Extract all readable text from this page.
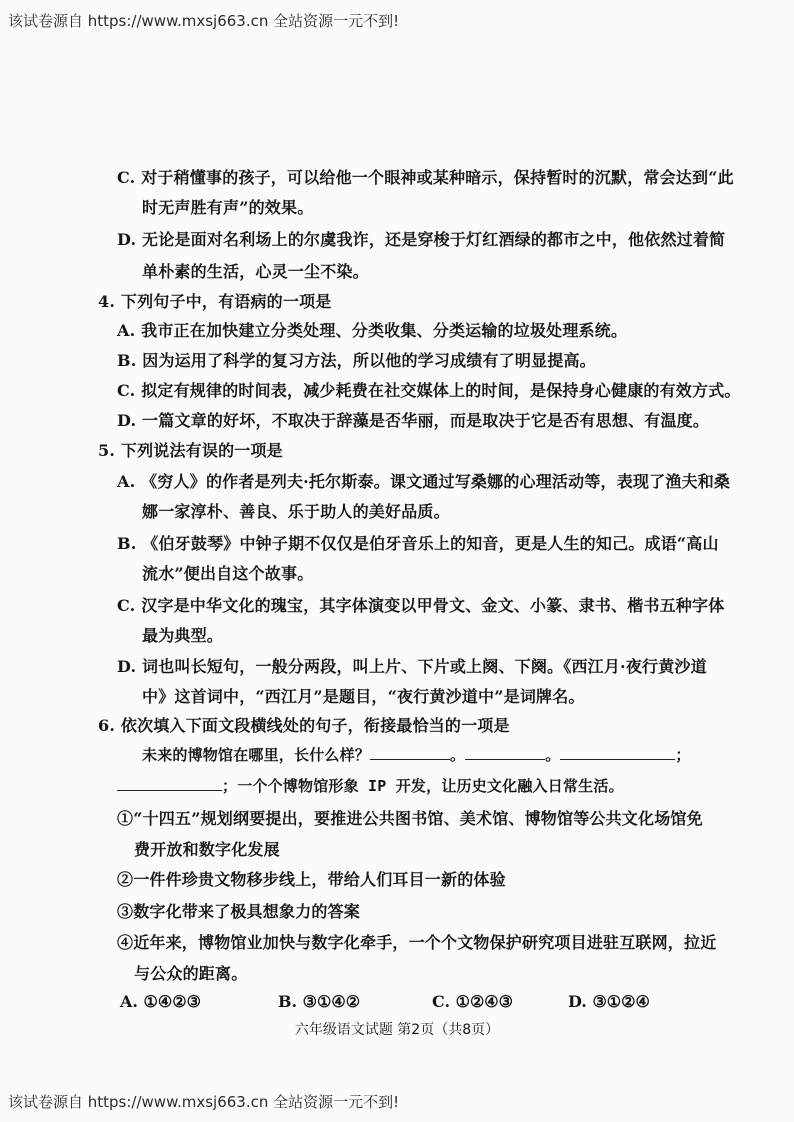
该试卷源自 https://www.mxsj663.cn 全站资源一元不到!
C. 对于稍懂事的孩子，可以给他一个眼神或某种暗示，保持暂时的沉默，常会达到“此
时无声胜有声”的效果。
D. 无论是面对名利场上的尔虞我诈，还是穿梭于灯红酒绿的都市之中，他依然过着简
单朴素的生活，心灵一尘不染。
4. 下列句子中，有语病的一项是
A. 我市正在加快建立分类处理、分类收集、分类运输的垃圾处理系统。
B. 因为运用了科学的复习方法，所以他的学习成绩有了明显提高。
C. 拟定有规律的时间表，减少耗费在社交媒体上的时间，是保持身心健康的有效方式。
D. 一篇文章的好坏，不取决于辞藻是否华丽，而是取决于它是否有思想、有温度。
5. 下列说法有误的一项是
A. 《穷人》的作者是列夫·托尔斯泰。课文通过写桑娜的心理活动等，表现了渔夫和桑
娜一家淳朴、善良、乐于助人的美好品质。
B. 《伯牙鼓琴》中钟子期不仅仅是伯牙音乐上的知音，更是人生的知己。成语“高山
流水”便出自这个故事。
C. 汉字是中华文化的瑰宝，其字体演变以甲骨文、金文、小篆、隶书、楷书五种字体
最为典型。
D. 词也叫长短句，一般分两段，叫上片、下片或上阕、下阕。《西江月·夜行黄沙道
中》这首词中，“西江月”是题目，“夜行黄沙道中”是词牌名。
6. 依次填入下面文段横线处的句子，衔接最恰当的一项是
未来的博物馆在哪里，长什么样？	。	。	；
；一个个博物馆形象 IP 开发，让历史文化融入日常生活。
①“十四五”规划纲要提出，要推进公共图书馆、美术馆、博物馆等公共文化场馆免
费开放和数字化发展
②一件件珍贵文物移步线上，带给人们耳目一新的体验
③数字化带来了极具想象力的答案
④近年来，博物馆业加快与数字化牵手，一个个文物保护研究项目进驻互联网，拉近
与公众的距离。
A. ①④②③	B. ③①④②	C. ①②④③	D. ③①②④
六年级语文试题 第2页（共8页）
该试卷源自 https://www.mxsj663.cn 全站资源一元不到!
